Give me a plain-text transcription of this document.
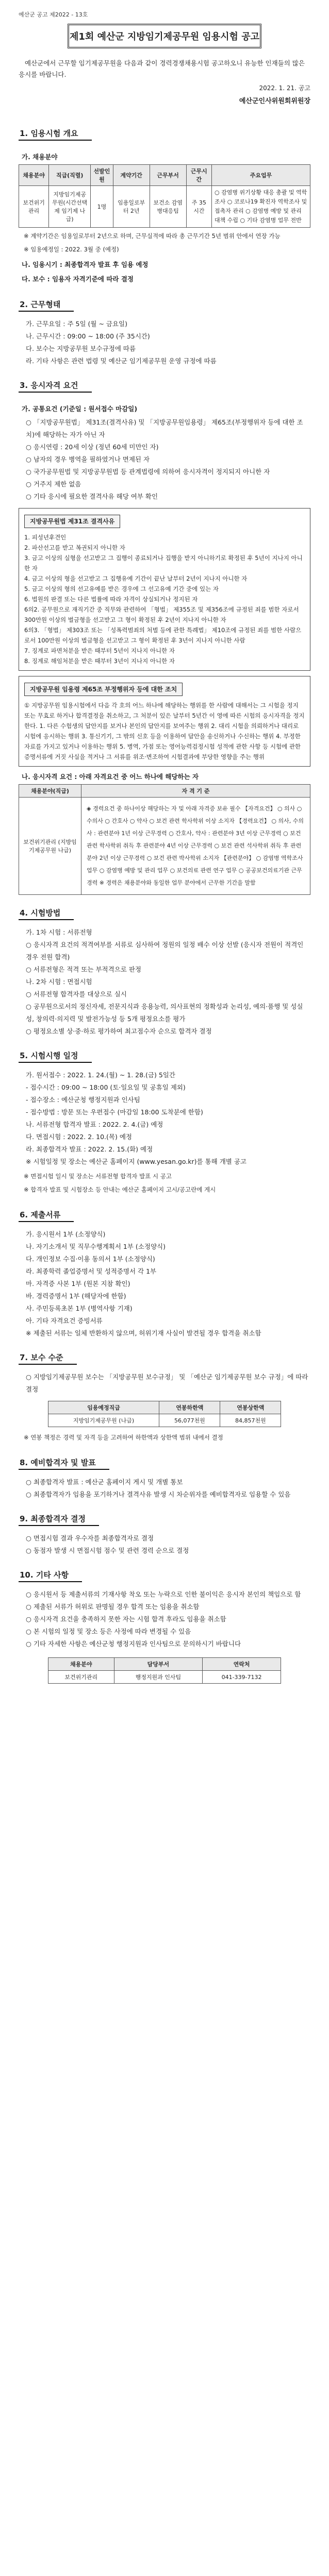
예산군 공고 제2022 - 13호
제1회 예산군 지방임기제공무원 임용시험 공고

예산군에서 근무할 임기제공무원을 다음과 같이 경력경쟁채용시험 공고하오니 유능한 인재들의 많은 응시를 바랍니다.

2022. 1. 21. 공고
예산군인사위원회위원장
1. 임용시험 개요
가. 채용분야
채용분야	직급(직렬)	선발인원	계약기간	근무부서	근무시간	주요업무
보건위기관리	지방임기제공무원(시간선택제 임기제 나급)	1명	임용일로부터 2년	보건소 감염병대응팀	주 35시간	○ 감염병 위기상황 대응 총괄 및 역학조사 ○ 코로나19 확진자 역학조사 및 접촉자 관리 ○ 감염병 예방 및 관리 대책 수립 ○ 기타 감염병 업무 전반
※ 계약기간은 임용일로부터 2년으로 하며, 근무실적에 따라 총 근무기간 5년 범위 안에서 연장 가능
※ 임용예정일 : 2022. 3월 중 (예정)
나. 임용시기 : 최종합격자 발표 후 임용 예정
다. 보수 : 임용자 자격기준에 따라 결정
2. 근무형태
가. 근무요일 : 주 5일 (월 ~ 금요일)
나. 근무시간 : 09:00 ~ 18:00 (주 35시간)
다. 보수는 지방공무원 보수규정에 따름
라. 기타 사항은 관련 법령 및 예산군 임기제공무원 운영 규정에 따름
3. 응시자격 요건
가. 공통요건 (기준일 : 원서접수 마감일)
○ 「지방공무원법」 제31조(결격사유) 및 「지방공무원임용령」 제65조(부정행위자 등에 대한 조치)에 해당하는 자가 아닌 자
○ 응시연령 : 20세 이상 (정년 60세 미만인 자)
○ 남자의 경우 병역을 필하였거나 면제된 자
○ 국가공무원법 및 지방공무원법 등 관계법령에 의하여 응시자격이 정지되지 아니한 자
○ 거주지 제한 없음
○ 기타 응시에 필요한 결격사유 해당 여부 확인
지방공무원법 제31조 결격사유
1. 피성년후견인
2. 파산선고를 받고 복권되지 아니한 자
3. 금고 이상의 실형을 선고받고 그 집행이 종료되거나 집행을 받지 아니하기로 확정된 후 5년이 지나지 아니한 자
4. 금고 이상의 형을 선고받고 그 집행유예 기간이 끝난 날부터 2년이 지나지 아니한 자
5. 금고 이상의 형의 선고유예를 받은 경우에 그 선고유예 기간 중에 있는 자
6. 법원의 판결 또는 다른 법률에 따라 자격이 상실되거나 정지된 자
6의2. 공무원으로 재직기간 중 직무와 관련하여 「형법」 제355조 및 제356조에 규정된 죄를 범한 자로서 300만원 이상의 벌금형을 선고받고 그 형이 확정된 후 2년이 지나지 아니한 자
6의3. 「형법」 제303조 또는 「성폭력범죄의 처벌 등에 관한 특례법」 제10조에 규정된 죄를 범한 사람으로서 100만원 이상의 벌금형을 선고받고 그 형이 확정된 후 3년이 지나지 아니한 사람
7. 징계로 파면처분을 받은 때부터 5년이 지나지 아니한 자
8. 징계로 해임처분을 받은 때부터 3년이 지나지 아니한 자
지방공무원 임용령 제65조 부정행위자 등에 대한 조치
① 지방공무원 임용시험에서 다음 각 호의 어느 하나에 해당하는 행위를 한 사람에 대해서는 그 시험을 정지 또는 무효로 하거나 합격결정을 취소하고, 그 처분이 있은 날부터 5년간 이 영에 따른 시험의 응시자격을 정지한다. 1. 다른 수험생의 답안지를 보거나 본인의 답안지를 보여주는 행위 2. 대리 시험을 의뢰하거나 대리로 시험에 응시하는 행위 3. 통신기기, 그 밖의 신호 등을 이용하여 답안을 송신하거나 수신하는 행위 4. 부정한 자료를 가지고 있거나 이용하는 행위 5. 병역, 가점 또는 영어능력검정시험 성적에 관한 사항 등 시험에 관한 증명서류에 거짓 사실을 적거나 그 서류를 위조·변조하여 시험결과에 부당한 영향을 주는 행위
나. 응시자격 요건 : 아래 자격요건 중 어느 하나에 해당하는 자
채용분야(직급)	자 격 기 준
보건위기관리 (지방임기제공무원 나급)	◈ 경력요건 중 하나이상 해당하는 자 및 아래 자격증 보유 필수 【자격요건】 ○ 의사 ○ 수의사 ○ 간호사 ○ 약사 ○ 보건 관련 학사학위 이상 소지자 【경력요건】 ○ 의사, 수의사 : 관련분야 1년 이상 근무경력 ○ 간호사, 약사 : 관련분야 3년 이상 근무경력 ○ 보건 관련 학사학위 취득 후 관련분야 4년 이상 근무경력 ○ 보건 관련 석사학위 취득 후 관련분야 2년 이상 근무경력 ○ 보건 관련 박사학위 소지자 【관련분야】 ○ 감염병 역학조사 업무 ○ 감염병 예방 및 관리 업무 ○ 보건의료 관련 연구 업무 ○ 공공보건의료기관 근무경력 ※ 경력은 채용분야와 동일한 업무 분야에서 근무한 기간을 말함
4. 시험방법
가. 1차 시험 : 서류전형
○ 응시자격 요건의 적격여부를 서류로 심사하여 정원의 일정 배수 이상 선발 (응시자 전원이 적격인 경우 전원 합격)
○ 서류전형은 적격 또는 부적격으로 판정
나. 2차 시험 : 면접시험
○ 서류전형 합격자를 대상으로 실시
○ 공무원으로서의 정신자세, 전문지식과 응용능력, 의사표현의 정확성과 논리성, 예의·품행 및 성실성, 창의력·의지력 및 발전가능성 등 5개 평정요소를 평가
○ 평정요소별 상·중·하로 평가하여 최고점수자 순으로 합격자 결정
5. 시험시행 일정
가. 원서접수 : 2022. 1. 24.(월) ~ 1. 28.(금) 5일간
- 접수시간 : 09:00 ~ 18:00 (토·일요일 및 공휴일 제외)
- 접수장소 : 예산군청 행정지원과 인사팀
- 접수방법 : 방문 또는 우편접수 (마감일 18:00 도착분에 한함)
나. 서류전형 합격자 발표 : 2022. 2. 4.(금) 예정
다. 면접시험 : 2022. 2. 10.(목) 예정
라. 최종합격자 발표 : 2022. 2. 15.(화) 예정
※ 시험일정 및 장소는 예산군 홈페이지 (www.yesan.go.kr)를 통해 개별 공고
※ 면접시험 일시 및 장소는 서류전형 합격자 발표 시 공고
※ 합격자 발표 및 시험장소 등 안내는 예산군 홈페이지 고시/공고란에 게시
6. 제출서류
가. 응시원서 1부 (소정양식)
나. 자기소개서 및 직무수행계획서 1부 (소정양식)
다. 개인정보 수집·이용 동의서 1부 (소정양식)
라. 최종학력 졸업증명서 및 성적증명서 각 1부
마. 자격증 사본 1부 (원본 지참 확인)
바. 경력증명서 1부 (해당자에 한함)
사. 주민등록초본 1부 (병역사항 기재)
아. 기타 자격요건 증빙서류
※ 제출된 서류는 일체 반환하지 않으며, 허위기재 사실이 발견될 경우 합격을 취소함
7. 보수 수준
○ 지방임기제공무원 보수는 「지방공무원 보수규정」 및 「예산군 임기제공무원 보수 규정」에 따라 결정
임용예정직급	연봉하한액	연봉상한액
지방임기제공무원 (나급)	56,077천원	84,857천원
※ 연봉 책정은 경력 및 자격 등을 고려하여 하한액과 상한액 범위 내에서 결정
8. 예비합격자 및 발표
○ 최종합격자 발표 : 예산군 홈페이지 게시 및 개별 통보
○ 최종합격자가 임용을 포기하거나 결격사유 발생 시 차순위자를 예비합격자로 임용할 수 있음
9. 최종합격자 결정
○ 면접시험 결과 우수자를 최종합격자로 결정
○ 동점자 발생 시 면접시험 점수 및 관련 경력 순으로 결정
10. 기타 사항
○ 응시원서 등 제출서류의 기재사항 착오 또는 누락으로 인한 불이익은 응시자 본인의 책임으로 함
○ 제출된 서류가 허위로 판명될 경우 합격 또는 임용을 취소함
○ 응시자격 요건을 충족하지 못한 자는 시험 합격 후라도 임용을 취소함
○ 본 시험의 일정 및 장소 등은 사정에 따라 변경될 수 있음
○ 기타 자세한 사항은 예산군청 행정지원과 인사팀으로 문의하시기 바랍니다
채용분야	담당부서	연락처
보건위기관리	행정지원과 인사팀	041-339-7132
